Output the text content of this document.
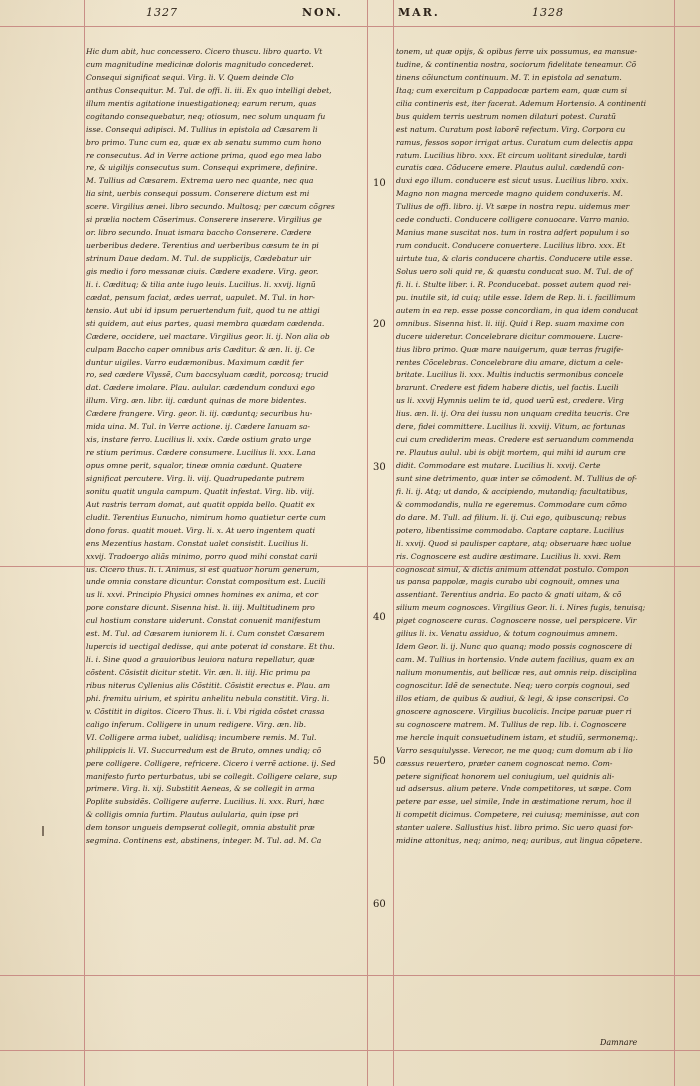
1327	NON.	MAR.	1328
Hic dum abit, huc concessero. Cicero thuscu. libro quarto. Vt
cum magnitudine medicinæ doloris magnitudo concederet.
Consequi significat sequi. Virg. li. V. Quem deinde Clo
anthus Consequitur. M. Tul. de offi. li. iii. Ex quo intelligi debet,
illum mentis agitatione inuestigationeq; earum rerum, quas
cogitando consequebatur, neq; otiosum, nec solum unquam fu
isse. Consequi adipisci. M. Tullius in epistola ad Cæsarem li
bro primo. Tunc cum ea, quæ ex ab senatu summo cum hono
re consecutus. Ad in Verre actione prima, quod ego mea labo
re, & uigilijs consecutus sum. Consequi exprimere, definire.
M. Tullius ad Cæsarem. Extrema uero nec quante, nec qua
lia sint, uerbis consequi possum. Conserere dictum est mi
scere. Virgilius ænei. libro secundo. Multosq; per cæcum cõgres
si prælia noctem Cõserimus. Conserere inserere. Virgilius ge
or. libro secundo. Inuat ismara baccho Conserere. Cædere
uerberibus dedere. Terentius and uerberibus cæsum te in pi
strinum Daue dedam. M. Tul. de supplicijs, Cædebatur uir
gis medio i foro messanæ ciuis. Cædere exadere. Virg. geor.
li. i. Cædituq; & tilia ante iugo leuis. Lucilius. li. xxvij. lignũ
cædat, pensum faciat, ædes uerrat, uapulet. M. Tul. in hor-
tensio. Aut ubi id ipsum peruertendum fuit, quod tu ne attigi
sti quidem, aut eius partes, quasi membra quædam cædenda.
Cædere, occidere, uel mactare. Virgilius geor. li. ij. Non alia ob
culpam Baccho caper omnibus aris Cæditur. & æn. li. ij. Ce
duntur uigiles. Varro eudæmonibus. Maximum cædit fer
ro, sed cædere Vlyssẽ, Cum baccsyluam cædit, porcosq; trucid
dat. Cædere imolare. Plau. aulular. cædendum conduxi ego
illum. Virg. æn. libr. iij. cædunt quinas de more bidentes.
Cædere frangere. Virg. geor. li. iij. cæduntq; securibus hu-
mida uina. M. Tul. in Verre actione. ij. Cædere Ianuam sa-
xis, instare ferro. Lucilius li. xxix. Cæde ostium grato urge
re stium perimus. Cædere consumere. Lucilius li. xxx. Lana
opus omne perit, squalor, tineæ omnia cædunt. Quatere
significat percutere. Virg. li. viij. Quadrupedante putrem
sonitu quatit ungula campum. Quatit infestat. Virg. lib. viij.
Aut rastris terram domat, aut quatit oppida bello. Quatit ex
cludit. Terentius Eunucho, nimirum homo quatietur certe cum
dono foras. quatit mouet. Virg. li. x. At uero ingentem quati
ens Mezentius hastam. Constat ualet consistit. Lucilius li.
xxvij. Tradoergo aliãs minimo, porro quod mihi constat carii
us. Cicero thus. li. i. Animus, si est quatuor horum generum,
unde omnia constare dicuntur. Constat compositum est. Lucili
us li. xxvi. Principio Physici omnes homines ex anima, et cor
pore constare dicunt. Sisenna hist. li. iiij. Multitudinem pro
cul hostium constare uiderunt. Constat conuenit manifestum
est. M. Tul. ad Cæsarem iuniorem li. i. Cum constet Cæsarem
lupercis id uectigal dedisse, qui ante poterat id constare. Et thu.
li. i. Sine quod a grauioribus leuiora natura repellatur, quæ
cõstent. Cõsistit dicitur stetit. Vir. æn. li. iiij. Hic primu pa
ribus niterus Cyllenius alis Cõstitit. Cõsistit erectus e. Plau. am
phi. fremitu uirium, et spiritu anhelitu nebula constitit. Virg. li.
v. Cõstitit in digitos. Cicero Thus. li. i. Vbi rigida cõstet crassa
caligo inferum. Colligere in unum redigere. Virg. æn. lib.
VI. Colligere arma iubet, ualidisq; incumbere remis. M. Tul.
philippicis li. VI. Succurredum est de Bruto, omnes undiq; cõ
pere colligere. Colligere, refricere. Cicero i verrẽ actione. ij. Sed
manifesto furto perturbatus, ubi se collegit. Colligere celare, sup
primere. Virg. li. xij. Substitit Aeneas, & se collegit in arma
Poplite subsidẽs. Colligere auferre. Lucilius. li. xxx. Ruri, hæc
& colligis omnia furtim. Plautus aulularia, quin ipse pri
dem tonsor ungueis dempserat collegit, omnia abstulit præ
segmina. Continens est, abstinens, integer. M. Tul. ad. M. Ca
tonem, ut quæ opijs, & opibus ferre uix possumus, ea mansue-
tudine, & continentia nostra, sociorum fidelitate teneamur. Cõ
tinens cõiunctum continuum. M. T. in epistola ad senatum.
Itaq; cum exercitum p Cappadocæ partem eam, quæ cum si
cilia contineris est, iter facerat. Ademum Hortensio. A continenti
bus quidem terris uestrum nomen dilaturi potest. Curatũ
est natum. Curatum post laborẽ refectum. Virg. Corpora cu
ramus, fessos sopor irrigat artus. Curatum cum delectis appa
ratum. Lucilius libro. xxx. Et circum uolitant siredulæ, tardi
curatis cœa. Cõducere emere. Plautus aulul. cædendũ con-
duxi ego illum. conducere est sicut usus. Lucilius libro. xxix.
Magno non magna mercede magno quidem conduxeris. M.
Tullius de offi. libro. ij. Vt sæpe in nostra repu. uidemus mer
cede conducti. Conducere colligere conuocare. Varro manio.
Manius mane suscitat nos. tum in rostra adfert populum i so
rum conducit. Conducere conuertere. Lucilius libro. xxx. Et
uirtute tua, & claris conducere chartis. Conducere utile esse.
Solus uero soli quid re, & quæstu conducat suo. M. Tul. de of
fi. li. i. Stulte liber. i. R. Pconducebat. posset autem quod rei-
pu. inutile sit, id cuiq; utile esse. Idem de Rep. li. i. facillimum
autem in ea rep. esse posse concordiam, in qua idem conducat
omnibus. Sisenna hist. li. iiij. Quid i Rep. suam maxime con
ducere uideretur. Concelebrare dicitur commouere. Lucre-
tius libro primo. Quæ mare nauigerum, quæ terras frugife-
rentes Cõcelebras. Concelebrare diu amare, dictum a cele-
britate. Lucilius li. xxx. Multis inductis sermonibus concele
brarunt. Credere est fidem habere dictis, uel factis. Lucili
us li. xxvij Hymnis uelim te id, quod uerũ est, credere. Virg
lius. æn. li. ij. Ora dei iussu non unquam credita teucris. Cre
dere, fidei committere. Lucilius li. xxviij. Vitum, ac fortunas
cui cum crediderim meas. Credere est seruandum commenda
re. Plautus aulul. ubi is obijt mortem, qui mihi id aurum cre
didit. Commodare est mutare. Lucilius li. xxvij. Certe
sunt sine detrimento, quæ inter se cõmodent. M. Tullius de of-
fi. li. ij. Atq; ut dando, & accipiendo, mutandiq; facultatibus,
& commodandis, nulla re egeremus. Commodare cum cõmo
do dare. M. Tull. ad filium. li. ij. Cui ego, quibuscunq; rebus
potero, libentissime commodabo. Captare captare. Lucilius
li. xxvij. Quod si paulisper captare, atq; obseruare hæc uolue
ris. Cognoscere est audire æstimare. Lucilius li. xxvi. Rem
cognoscat simul, & dictis animum attendat postulo. Compon
us pansa pappolæ, magis curabo ubi cognouit, omnes una
assentiant. Terentius andria. Eo pacto & gnati uitam, & cõ
silium meum cognosces. Virgilius Geor. li. i. Nires fugis, tenuisq;
piget cognoscere curas. Cognoscere nosse, uel perspicere. Vir
gilius li. ix. Venatu assiduo, & totum cognouimus amnem.
Idem Geor. li. ij. Nunc quo quanq; modo possis cognoscere di
cam. M. Tullius in hortensio. Vnde autem facilius, quam ex an
nalium monumentis, aut bellicæ res, aut omnis reip. disciplina
cognoscitur. Idẽ de senectute. Neq; uero corpis cognoui, sed
illos etiam, de quibus & audiui, & legi, & ipse conscripsi. Co
gnoscere agnoscere. Virgilius bucolicis. Incipe paruæ puer ri
su cognoscere matrem. M. Tullius de rep. lib. i. Cognoscere
me hercle inquit consuetudinem istam, et studiũ, sermonemq;.
Varro sesquiulysse. Verecor, ne me quoq; cum domum ab i lio
cæssus reuertero, præter canem cognoscat nemo. Com-
petere significat honorem uel coniugium, uel quidnis ali-
ud adsersus. alium petere. Vnde competitores, ut sæpe. Com
petere par esse, uel simile, Inde in æstimatione rerum, hoc il
li competit dicimus. Competere, rei cuiusq; meminisse, aut con
stanter ualere. Sallustius hist. libro primo. Sic uero quasi for-
midine attonitus, neq; animo, neq; auribus, aut lingua cõpetere.
10
20
30
40
50
60
Damnare
